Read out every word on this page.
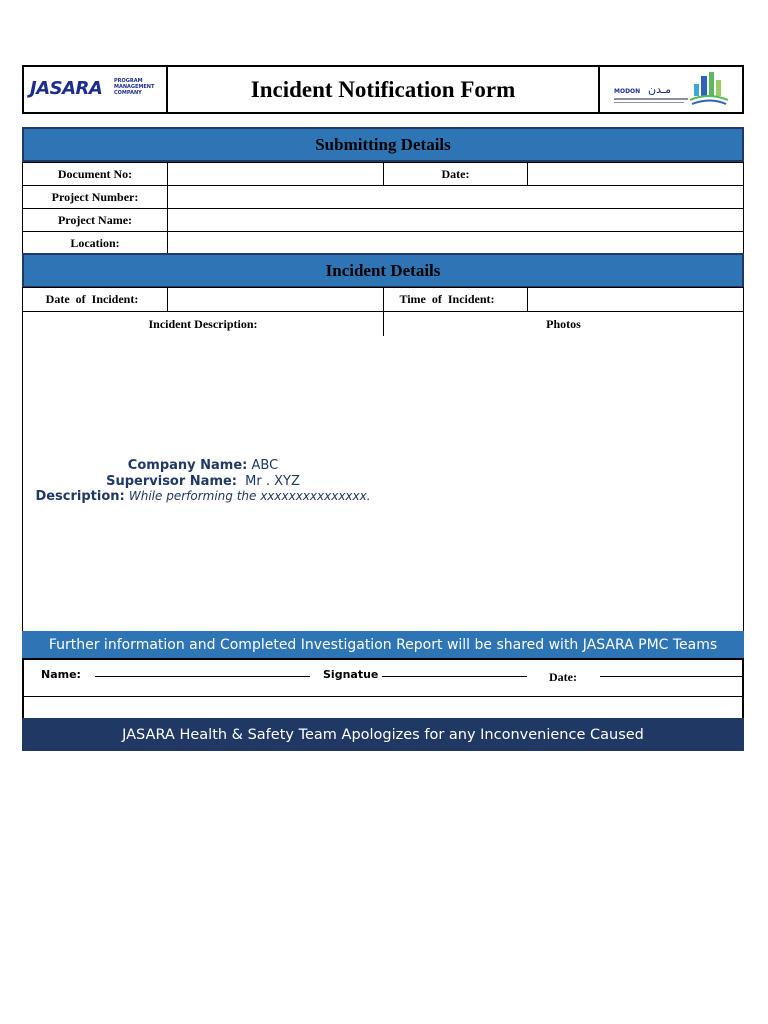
JASARA PROGRAM
MANAGEMENT
COMPANY	Incident Notification Form	MODON مـدن
Submitting Details
Document No:	Date:
Project Number:
Project Name:
Location:
Incident Details
Date  of  Incident:	Time  of  Incident:
Incident Description:	Photos
Company Name: ABC
Supervisor Name: Mr . XYZ
Description: While performing the xxxxxxxxxxxxxxx.
Further information and Completed Investigation Report will be shared with JASARA PMC Teams
Name:	Signatue	Date:
JASARA Health & Safety Team Apologizes for any Inconvenience Caused
